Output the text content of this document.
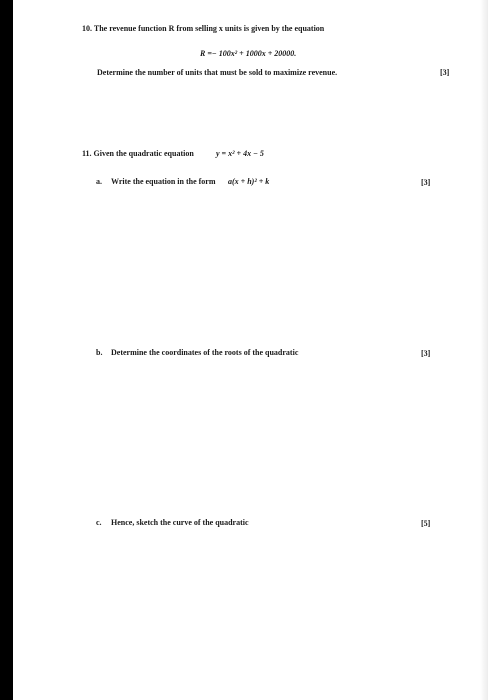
10. The revenue function R from selling x units is given by the equation
R =− 100x² + 1000x + 20000.
Determine the number of units that must be sold to maximize revenue.	[3]
11. Given the quadratic equation	y = x² + 4x − 5
a. Write the equation in the form a(x + h)² + k	[3]
b. Determine the coordinates of the roots of the quadratic	[3]
c. Hence, sketch the curve of the quadratic	[5]
